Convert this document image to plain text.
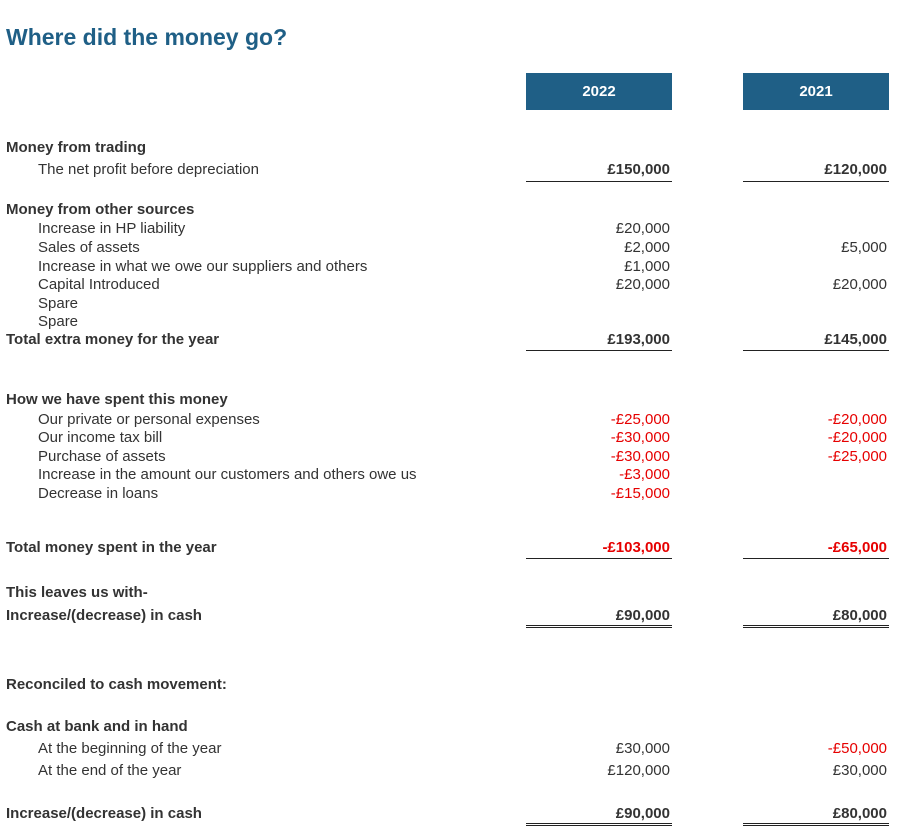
Where did the money go?
2022	2021
Money from trading
The net profit before depreciation	£150,000	£120,000
Money from other sources
Increase in HP liability	£20,000
Sales of assets	£2,000	£5,000
Increase in what we owe our suppliers and others	£1,000
Capital Introduced	£20,000	£20,000
Spare
Spare
Total extra money for the year	£193,000	£145,000
How we have spent this money
Our private or personal expenses	-£25,000	-£20,000
Our income tax bill	-£30,000	-£20,000
Purchase of assets	-£30,000	-£25,000
Increase in the amount our customers and others owe us	-£3,000
Decrease in loans	-£15,000
Total money spent in the year	-£103,000	-£65,000
This leaves us with-
Increase/(decrease) in cash	£90,000	£80,000
Reconciled to cash movement:
Cash at bank and in hand
At the beginning of the year	£30,000	-£50,000
At the end of the year	£120,000	£30,000
Increase/(decrease) in cash	£90,000	£80,000
